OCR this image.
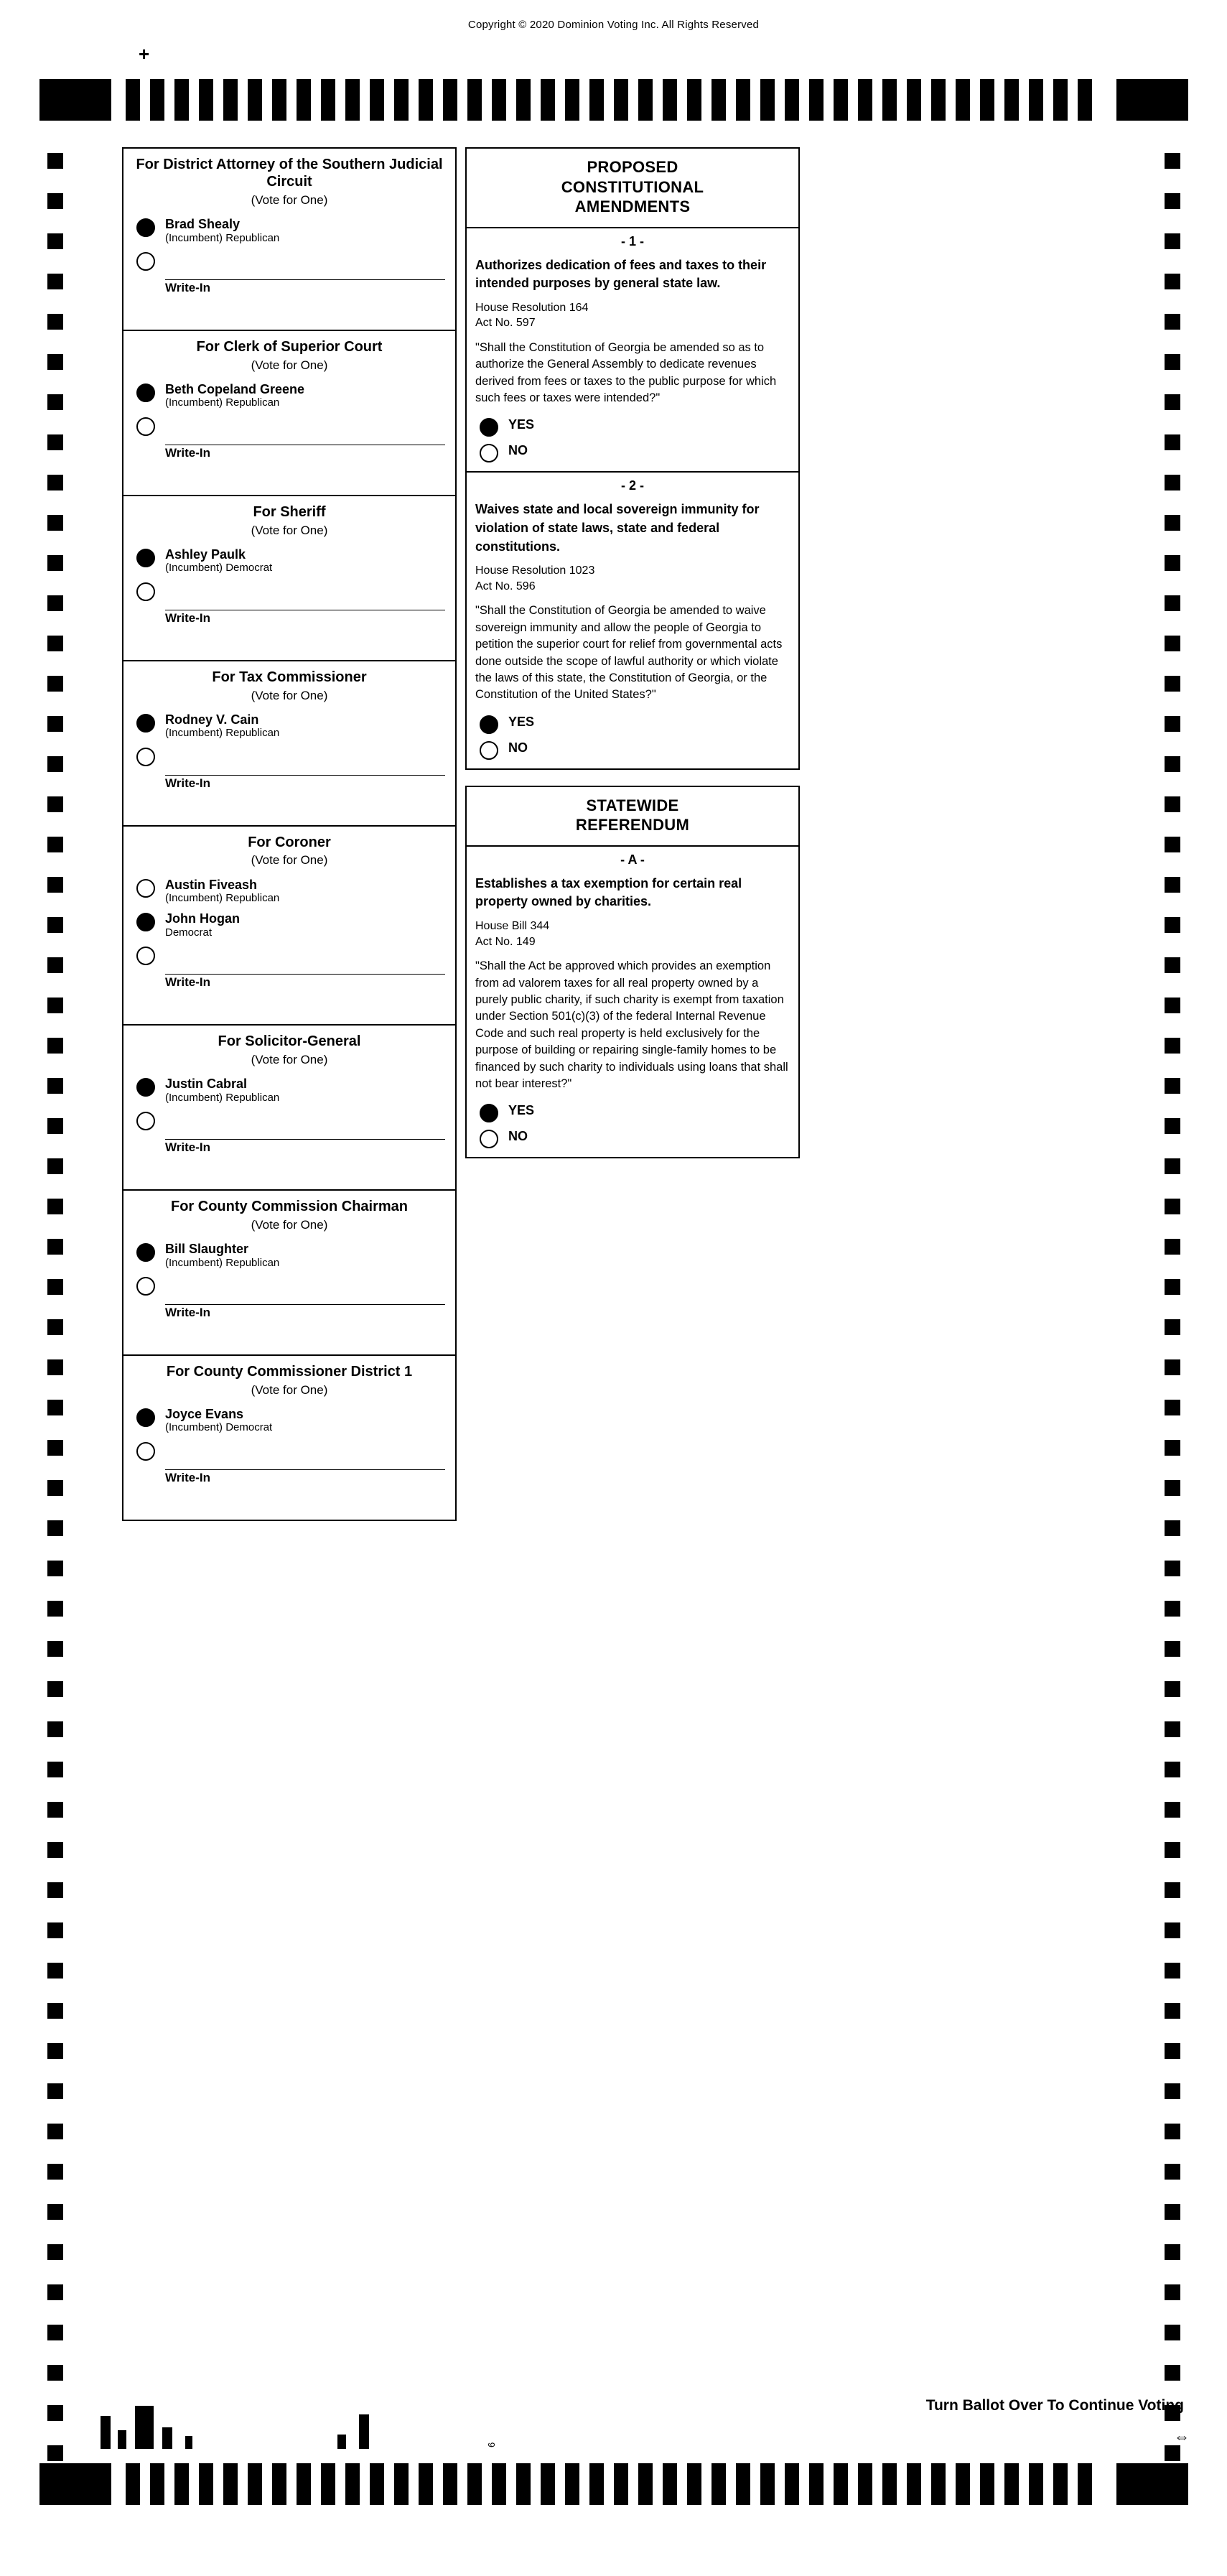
Copyright © 2020 Dominion Voting Inc. All Rights Reserved
+
For District Attorney of the Southern Judicial Circuit
(Vote for One)
Brad Shealy
(Incumbent) Republican
Write-In
For Clerk of Superior Court
(Vote for One)
Beth Copeland Greene
(Incumbent) Republican
Write-In
For Sheriff
(Vote for One)
Ashley Paulk
(Incumbent) Democrat
Write-In
For Tax Commissioner
(Vote for One)
Rodney V. Cain
(Incumbent) Republican
Write-In
For Coroner
(Vote for One)
Austin Fiveash
(Incumbent) Republican
John Hogan
Democrat
Write-In
For Solicitor-General
(Vote for One)
Justin Cabral
(Incumbent) Republican
Write-In
For County Commission Chairman
(Vote for One)
Bill Slaughter
(Incumbent) Republican
Write-In
For County Commissioner District 1
(Vote for One)
Joyce Evans
(Incumbent) Democrat
Write-In
PROPOSED
CONSTITUTIONAL
AMENDMENTS
- 1 -
Authorizes dedication of fees and taxes to their intended purposes by general state law.
House Resolution 164
Act No. 597
"Shall the Constitution of Georgia be amended so as to authorize the General Assembly to dedicate revenues derived from fees or taxes to the public purpose for which such fees or taxes were intended?"
YES
NO
- 2 -
Waives state and local sovereign immunity for violation of state laws, state and federal constitutions.
House Resolution 1023
Act No. 596
"Shall the Constitution of Georgia be amended to waive sovereign immunity and allow the people of Georgia to petition the superior court for relief from governmental acts done outside the scope of lawful authority or which violate the laws of this state, the Constitution of Georgia, or the Constitution of the United States?"
YES
NO
STATEWIDE
REFERENDUM
- A -
Establishes a tax exemption for certain real property owned by charities.
House Bill 344
Act No. 149
"Shall the Act be approved which provides an exemption from ad valorem taxes for all real property owned by a purely public charity, if such charity is exempt from taxation under Section 501(c)(3) of the federal Internal Revenue Code and such real property is held exclusively for the purpose of building or repairing single-family homes to be financed by such charity to individuals using loans that shall not bear interest?"
YES
NO
Turn Ballot Over To Continue Voting
⇔
6
